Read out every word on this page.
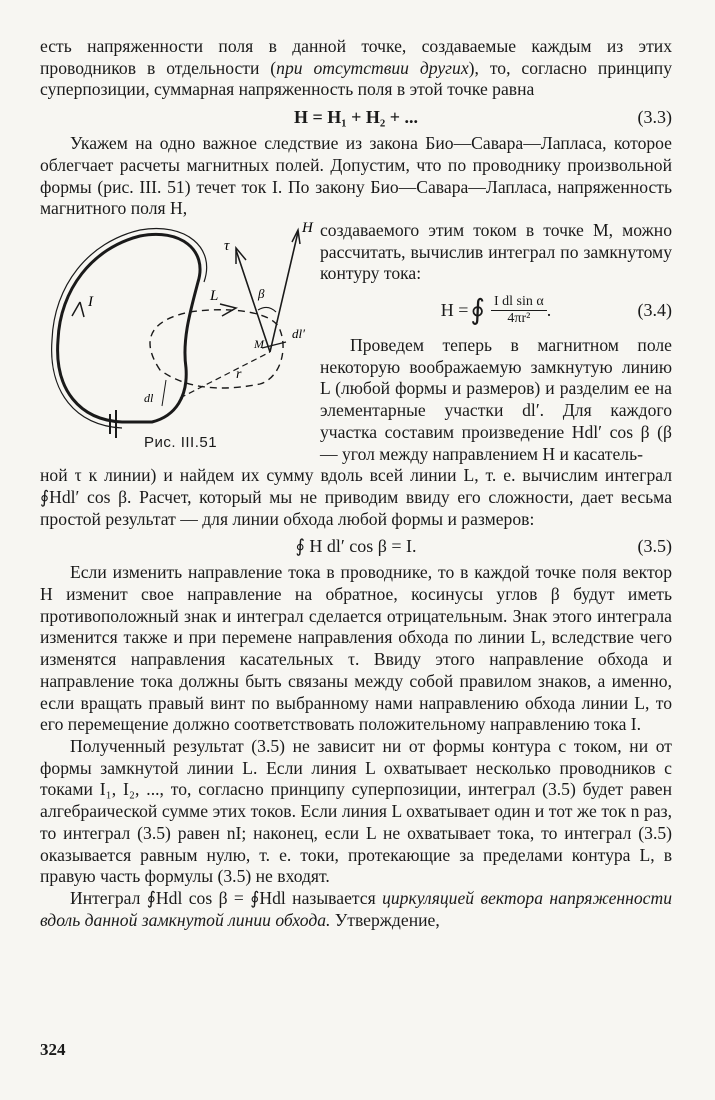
есть напряженности поля в данной точке, создаваемые каждым из этих проводников в отдельности (при отсутствии других), то, согласно принципу суперпозиции, суммарная напряженность поля в этой точке равна

H = H₁ + H₂ + ...	(3.3)

Укажем на одно важное следствие из закона Био—Савара—Лапласа, которое облегчает расчеты магнитных полей. Допустим, что по проводнику произвольной формы (рис. III. 51) течет ток I. По закону Био—Савара—Лапласа, напряженность магнитного поля H,

H
τ
β
L
M
dl′
r
I
dl
Рис. III.51

создаваемого этим током в точке M, можно рассчитать, вычислив интеграл по замкнутому контуру тока:

H = ∮ $\frac{\text{I dl sin α}}{\text{4πr²}}$ .	(3.4)

Проведем теперь в магнитном поле некоторую воображаемую замкнутую линию L (любой формы и размеров) и разделим ее на элементарные участки dl′. Для каждого участка составим произведение Hdl′ cos β (β — угол между направлением H и касатель-

ной τ к линии) и найдем их сумму вдоль всей линии L, т. е. вычислим интеграл ∮Hdl′ cos β. Расчет, который мы не приводим ввиду его сложности, дает весьма простой результат — для линии обхода любой формы и размеров:

∮ H dl′ cos β = I.	(3.5)

Если изменить направление тока в проводнике, то в каждой точке поля вектор H изменит свое направление на обратное, косинусы углов β будут иметь противоположный знак и интеграл сделается отрицательным. Знак этого интеграла изменится также и при перемене направления обхода по линии L, вследствие чего изменятся направления касательных τ. Ввиду этого направление обхода и направление тока должны быть связаны между собой правилом знаков, а именно, если вращать правый винт по выбранному нами направлению обхода линии L, то его перемещение должно соответствовать положительному направлению тока I.

Полученный результат (3.5) не зависит ни от формы контура с током, ни от формы замкнутой линии L. Если линия L охватывает несколько проводников с токами I₁, I₂, ..., то, согласно принципу суперпозиции, интеграл (3.5) будет равен алгебраической сумме этих токов. Если линия L охватывает один и тот же ток n раз, то интеграл (3.5) равен nI; наконец, если L не охватывает тока, то интеграл (3.5) оказывается равным нулю, т. е. токи, протекающие за пределами контура L, в правую часть формулы (3.5) не входят.

Интеграл ∮Hdl cos β = ∮Hdl называется циркуляцией вектора напряженности вдоль данной замкнутой линии обхода. Утверждение,

324
